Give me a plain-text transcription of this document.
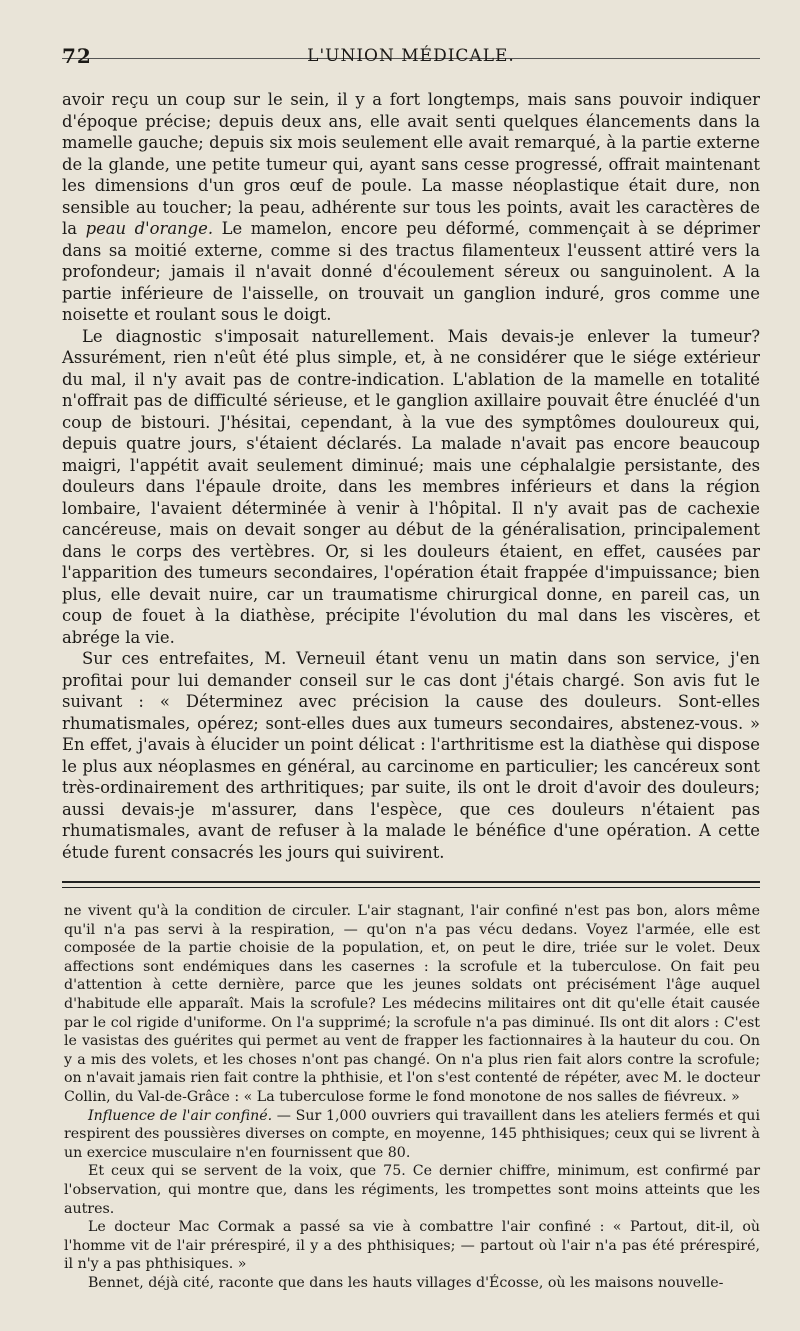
72	L'UNION MÉDICALE.

avoir reçu un coup sur le sein, il y a fort longtemps, mais sans pouvoir indiquer d'époque précise; depuis deux ans, elle avait senti quelques élancements dans la mamelle gauche; depuis six mois seulement elle avait remarqué, à la partie externe de la glande, une petite tumeur qui, ayant sans cesse progressé, offrait maintenant les dimensions d'un gros œuf de poule. La masse néoplastique était dure, non sensible au toucher; la peau, adhérente sur tous les points, avait les caractères de la peau d'orange. Le mamelon, encore peu déformé, commençait à se déprimer dans sa moitié externe, comme si des tractus filamenteux l'eussent attiré vers la profondeur; jamais il n'avait donné d'écoulement séreux ou sanguinolent. A la partie inférieure de l'aisselle, on trouvait un ganglion induré, gros comme une noisette et roulant sous le doigt.

Le diagnostic s'imposait naturellement. Mais devais-je enlever la tumeur? Assurément, rien n'eût été plus simple, et, à ne considérer que le siége extérieur du mal, il n'y avait pas de contre-indication. L'ablation de la mamelle en totalité n'offrait pas de difficulté sérieuse, et le ganglion axillaire pouvait être énucléé d'un coup de bistouri. J'hésitai, cependant, à la vue des symptômes douloureux qui, depuis quatre jours, s'étaient déclarés. La malade n'avait pas encore beaucoup maigri, l'appétit avait seulement diminué; mais une céphalalgie persistante, des douleurs dans l'épaule droite, dans les membres inférieurs et dans la région lombaire, l'avaient déterminée à venir à l'hôpital. Il n'y avait pas de cachexie cancéreuse, mais on devait songer au début de la généralisation, principalement dans le corps des vertèbres. Or, si les douleurs étaient, en effet, causées par l'apparition des tumeurs secondaires, l'opération était frappée d'impuissance; bien plus, elle devait nuire, car un traumatisme chirurgical donne, en pareil cas, un coup de fouet à la diathèse, précipite l'évolution du mal dans les viscères, et abrége la vie.

Sur ces entrefaites, M. Verneuil étant venu un matin dans son service, j'en profitai pour lui demander conseil sur le cas dont j'étais chargé. Son avis fut le suivant : « Déterminez avec précision la cause des douleurs. Sont-elles rhumatismales, opérez; sont-elles dues aux tumeurs secondaires, abstenez-vous. » En effet, j'avais à élucider un point délicat : l'arthritisme est la diathèse qui dispose le plus aux néoplasmes en général, au carcinome en particulier; les cancéreux sont très-ordinairement des arthritiques; par suite, ils ont le droit d'avoir des douleurs; aussi devais-je m'assurer, dans l'espèce, que ces douleurs n'étaient pas rhumatismales, avant de refuser à la malade le bénéfice d'une opération. A cette étude furent consacrés les jours qui suivirent.

ne vivent qu'à la condition de circuler. L'air stagnant, l'air confiné n'est pas bon, alors même qu'il n'a pas servi à la respiration, — qu'on n'a pas vécu dedans. Voyez l'armée, elle est composée de la partie choisie de la population, et, on peut le dire, triée sur le volet. Deux affections sont endémiques dans les casernes : la scrofule et la tuberculose. On fait peu d'attention à cette dernière, parce que les jeunes soldats ont précisément l'âge auquel d'habitude elle apparaît. Mais la scrofule? Les médecins militaires ont dit qu'elle était causée par le col rigide d'uniforme. On l'a supprimé; la scrofule n'a pas diminué. Ils ont dit alors : C'est le vasistas des guérites qui permet au vent de frapper les factionnaires à la hauteur du cou. On y a mis des volets, et les choses n'ont pas changé. On n'a plus rien fait alors contre la scrofule; on n'avait jamais rien fait contre la phthisie, et l'on s'est contenté de répéter, avec M. le docteur Collin, du Val-de-Grâce : « La tuberculose forme le fond monotone de nos salles de fiévreux. »

Influence de l'air confiné. — Sur 1,000 ouvriers qui travaillent dans les ateliers fermés et qui respirent des poussières diverses on compte, en moyenne, 145 phthisiques; ceux qui se livrent à un exercice musculaire n'en fournissent que 80.

Et ceux qui se servent de la voix, que 75. Ce dernier chiffre, minimum, est confirmé par l'observation, qui montre que, dans les régiments, les trompettes sont moins atteints que les autres.

Le docteur Mac Cormak a passé sa vie à combattre l'air confiné : « Partout, dit-il, où l'homme vit de l'air prérespiré, il y a des phthisiques; — partout où l'air n'a pas été prérespiré, il n'y a pas phthisiques. »

Bennet, déjà cité, raconte que dans les hauts villages d'Écosse, où les maisons nouvelle-
